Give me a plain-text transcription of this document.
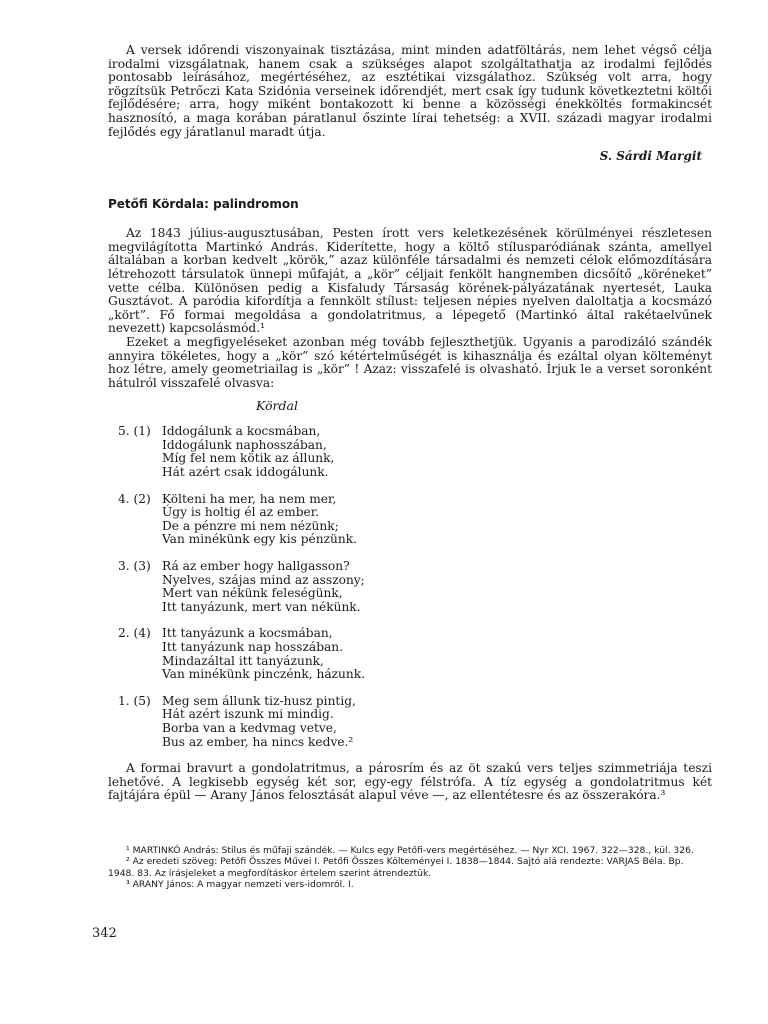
A versek időrendi viszonyainak tisztázása, mint minden adatföltárás, nem lehet végső célja irodalmi vizsgálatnak, hanem csak a szükséges alapot szolgáltathatja az irodalmi fejlődés pontosabb leírásához, megértéséhez, az esztétikai vizsgálathoz. Szükség volt arra, hogy rögzítsük Petrőczi Kata Szidónia verseinek időrendjét, mert csak így tudunk következtetni költői fejlődésére; arra, hogy miként bontakozott ki benne a közösségi énekköltés formakincsét hasznosító, a maga korában páratlanul őszinte lírai tehetség: a XVII. századi magyar irodalmi fejlődés egy járatlanul maradt útja.

S. Sárdi Margit
Petőfi Kördala: palindromon

Az 1843 július-augusztusában, Pesten írott vers keletkezésének körülményei részletesen megvilágította Martinkó András. Kiderítette, hogy a költő stílusparódiának szánta, amellyel általában a korban kedvelt „körök,” azaz különféle társadalmi és nemzeti célok előmozdítására létrehozott társulatok ünnepi műfaját, a „kör” céljait fenkölt hangnemben dicsőítő „köréneket” vette célba. Különösen pedig a Kisfaludy Társaság körének-pályázatának nyertesét, Lauka Gusztávot. A paródia kifordítja a fennkölt stílust: teljesen népies nyelven daloltatja a kocsmázó „kört”. Fő formai megoldása a gondolatritmus, a lépegető (Martinkó által rakétaelvűnek nevezett) kapcsolásmód.¹

Ezeket a megfigyeléseket azonban még tovább fejleszthetjük. Ugyanis a parodizáló szándék annyira tökéletes, hogy a „kör” szó kétértelműségét is kihasználja és ezáltal olyan költeményt hoz létre, amely geometriailag is „kör” ! Azaz: visszafelé is olvasható. Írjuk le a verset soronként hátulról visszafelé olvasva:

Kördal
5. (1) Iddogálunk a kocsmában,
Iddogálunk naphosszában,
Míg fel nem kötik az állunk,
Hát azért csak iddogálunk.
4. (2) Költeni ha mer, ha nem mer,
Úgy is holtig él az ember.
De a pénzre mi nem nézünk;
Van minékünk egy kis pénzünk.
3. (3) Rá az ember hogy hallgasson?
Nyelves, szájas mind az asszony;
Mert van nékünk feleségünk,
Itt tanyázunk, mert van nékünk.
2. (4) Itt tanyázunk a kocsmában,
Itt tanyázunk nap hosszában.
Mindazáltal itt tanyázunk,
Van minékünk pinczénk, házunk.
1. (5) Meg sem állunk tiz-husz pintig,
Hát azért iszunk mi mindig.
Borba van a kedvmag vetve,
Bus az ember, ha nincs kedve.²

A formai bravurt a gondolatritmus, a párosrím és az öt szakú vers teljes szimmetriája teszi lehetővé. A legkisebb egység két sor, egy-egy félstrófa. A tíz egység a gondolatritmus két fajtájára épül — Arany János felosztását alapul véve —, az ellentétesre és az összerakóra.³

¹ MARTINKÓ András: Stílus és műfaji szándék. — Kulcs egy Petőfi-vers megértéséhez. — Nyr XCI. 1967. 322—328., kül. 326.

² Az eredeti szöveg: Petőfi Összes Művei I. Petőfi Összes Költeményei I. 1838—1844. Sajtó alá rendezte: VARJAS Béla. Bp. 1948. 83. Az írásjeleket a megfordításkor értelem szerint átrendeztük.

³ ARANY János: A magyar nemzeti vers-idomról. I.

342
